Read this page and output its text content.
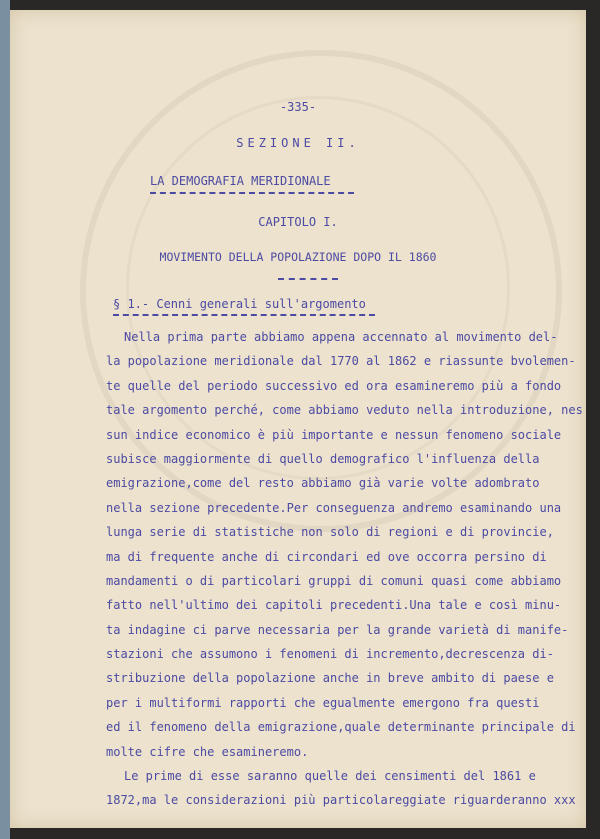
-335-
SEZIONE II.
LA DEMOGRAFIA MERIDIONALE
CAPITOLO I.
MOVIMENTO DELLA POPOLAZIONE DOPO IL 1860
§ 1.- Cenni generali sull'argomento
Nella prima parte abbiamo appena accennato al movimento del-
la popolazione meridionale dal 1770 al 1862 e riassunte bvolemen-
te quelle del periodo successivo ed ora esamineremo più a fondo
tale argomento perché, come abbiamo veduto nella introduzione, nes
sun indice economico è più importante e nessun fenomeno sociale
subisce maggiormente di quello demografico l'influenza della
emigrazione,come del resto abbiamo già varie volte adombrato
nella sezione precedente.Per conseguenza andremo esaminando una
lunga serie di statistiche non solo di regioni e di provincie,
ma di frequente anche di circondari ed ove occorra persino di
mandamenti o di particolari gruppi di comuni quasi come abbiamo
fatto nell'ultimo dei capitoli precedenti.Una tale e così minu-
ta indagine ci parve necessaria per la grande varietà di manife-
stazioni che assumono i fenomeni di incremento,decrescenza di-
stribuzione della popolazione anche in breve ambito di paese e
per i multiformi rapporti che egualmente emergono fra questi
ed il fenomeno della emigrazione,quale determinante principale di
molte cifre che esamineremo.
Le prime di esse saranno quelle dei censimenti del 1861 e
1872,ma le considerazioni più particolareggiate riguarderanno xxx
